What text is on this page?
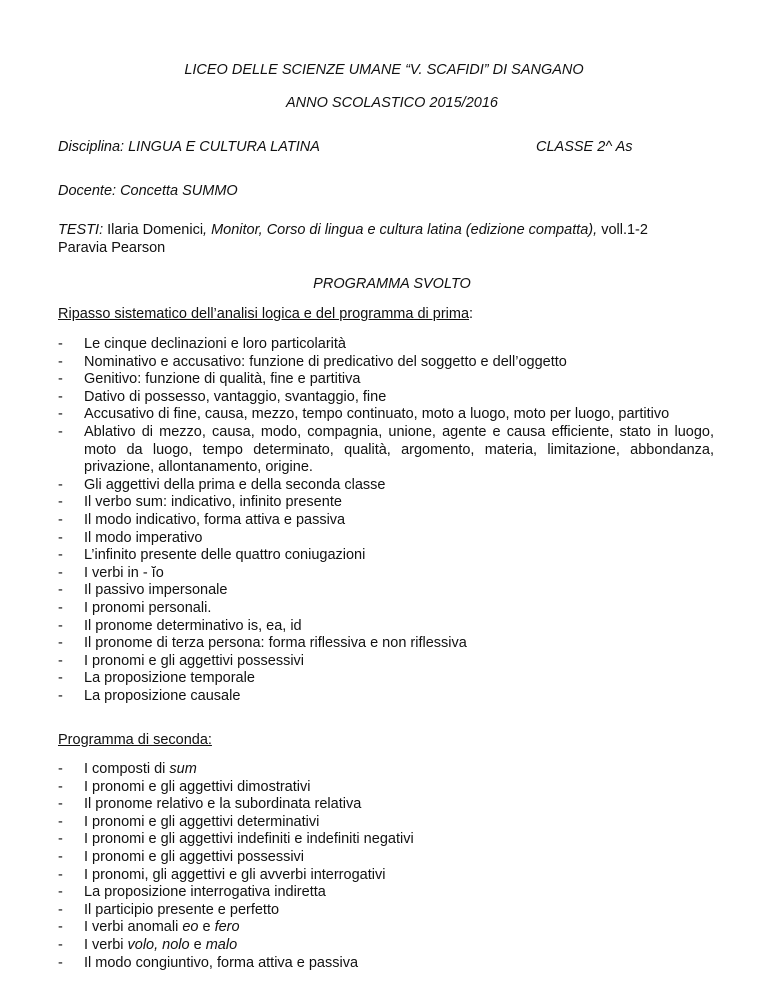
LICEO DELLE SCIENZE UMANE “V. SCAFIDI” DI SANGANO
ANNO SCOLASTICO 2015/2016
Disciplina: LINGUA E CULTURA LATINA	CLASSE 2^ As
Docente: Concetta SUMMO
TESTI: Ilaria Domenici, Monitor, Corso di lingua e cultura latina (edizione compatta), voll.1-2
Paravia Pearson
PROGRAMMA SVOLTO
Ripasso sistematico dell’analisi logica e del programma di prima:
- Le cinque declinazioni e loro particolarità
- Nominativo e accusativo: funzione di predicativo del soggetto e dell’oggetto
- Genitivo: funzione di qualità, fine e partitiva
- Dativo di possesso, vantaggio, svantaggio, fine
- Accusativo di fine, causa, mezzo, tempo continuato, moto a luogo, moto per luogo, partitivo
- Ablativo di mezzo, causa, modo, compagnia, unione, agente e causa efficiente, stato in luogo, moto da luogo, tempo determinato, qualità, argomento, materia, limitazione, abbondanza, privazione, allontanamento, origine.
- Gli aggettivi della prima e della seconda classe
- Il verbo sum: indicativo, infinito presente
- Il modo indicativo, forma attiva e passiva
- Il modo imperativo
- L’infinito presente delle quattro coniugazioni
- I verbi in - ĭo
- Il passivo impersonale
- I pronomi personali.
- Il pronome determinativo is, ea, id
- Il pronome di terza persona: forma riflessiva e non riflessiva
- I pronomi e gli aggettivi possessivi
- La proposizione temporale
- La proposizione causale
Programma di seconda:
- I composti di sum
- I pronomi e gli aggettivi dimostrativi
- Il pronome relativo e la subordinata relativa
- I pronomi e gli aggettivi determinativi
- I pronomi e gli aggettivi indefiniti e indefiniti negativi
- I pronomi e gli aggettivi possessivi
- I pronomi, gli aggettivi e gli avverbi interrogativi
- La proposizione interrogativa indiretta
- Il participio presente e perfetto
- I verbi anomali eo e fero
- I verbi volo, nolo e malo
- Il modo congiuntivo, forma attiva e passiva
